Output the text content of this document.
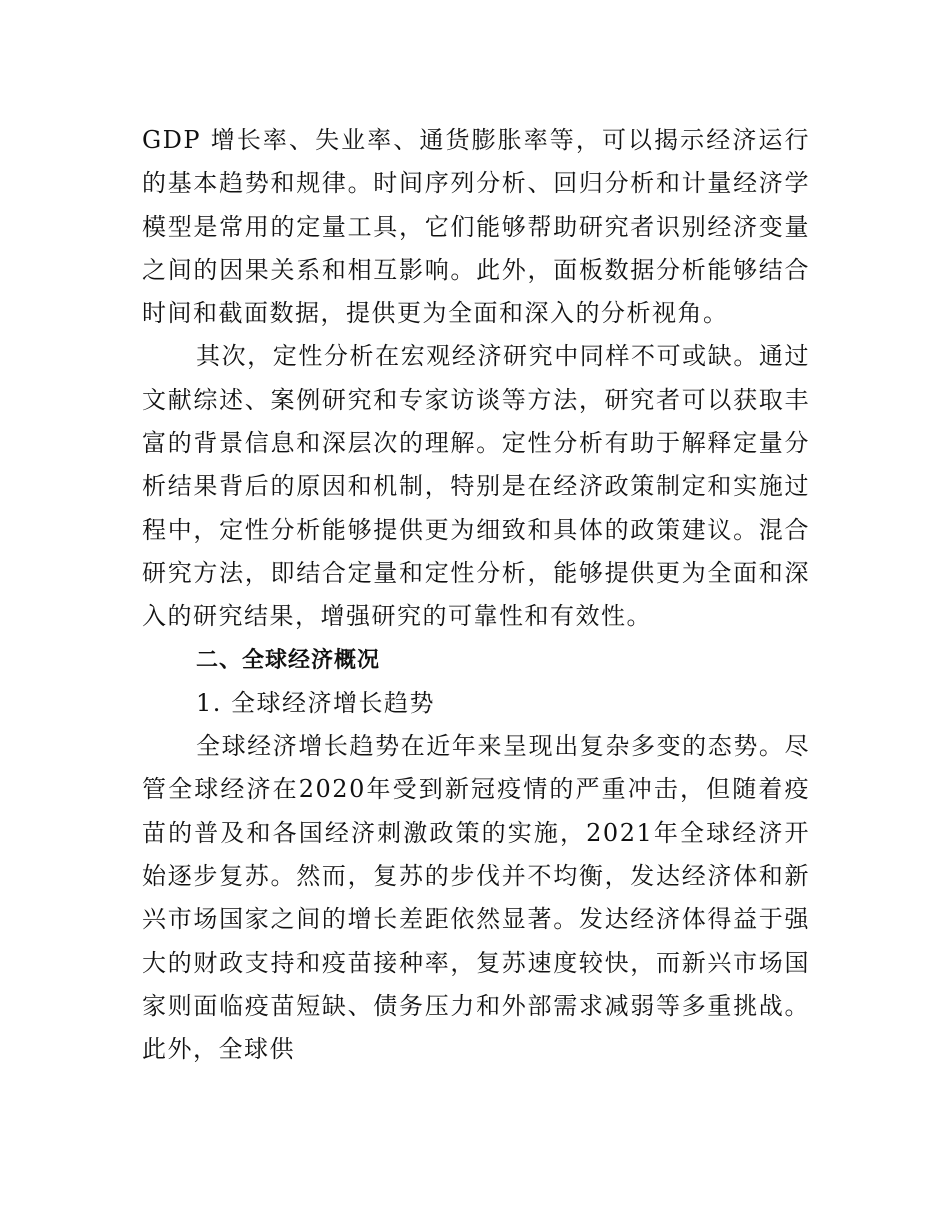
GDP 增长率、失业率、通货膨胀率等，可以揭示经济运行的基本趋势和规律。时间序列分析、回归分析和计量经济学模型是常用的定量工具，它们能够帮助研究者识别经济变量之间的因果关系和相互影响。此外，面板数据分析能够结合时间和截面数据，提供更为全面和深入的分析视角。

其次，定性分析在宏观经济研究中同样不可或缺。通过文献综述、案例研究和专家访谈等方法，研究者可以获取丰富的背景信息和深层次的理解。定性分析有助于解释定量分析结果背后的原因和机制，特别是在经济政策制定和实施过程中，定性分析能够提供更为细致和具体的政策建议。混合研究方法，即结合定量和定性分析，能够提供更为全面和深入的研究结果，增强研究的可靠性和有效性。

二、全球经济概况

1. 全球经济增长趋势

全球经济增长趋势在近年来呈现出复杂多变的态势。尽管全球经济在2020年受到新冠疫情的严重冲击，但随着疫苗的普及和各国经济刺激政策的实施，2021年全球经济开始逐步复苏。然而，复苏的步伐并不均衡，发达经济体和新兴市场国家之间的增长差距依然显著。发达经济体得益于强大的财政支持和疫苗接种率，复苏速度较快，而新兴市场国家则面临疫苗短缺、债务压力和外部需求减弱等多重挑战。此外，全球供
